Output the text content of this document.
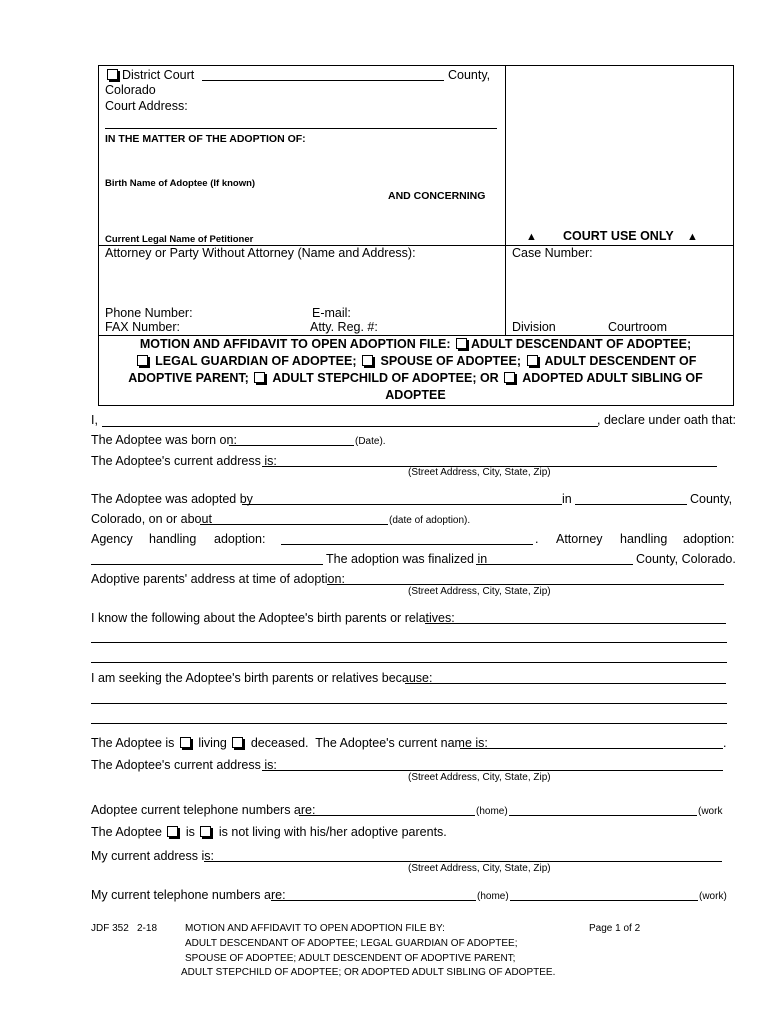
District Court	County,
Colorado
Court Address:
IN THE MATTER OF THE ADOPTION OF:
Birth Name of Adoptee (If known)
AND CONCERNING
Current Legal Name of Petitioner	▲ COURT USE ONLY ▲
Attorney or Party Without Attorney (Name and Address):	Case Number:
Phone Number:	E-mail:
FAX Number:	Atty. Reg. #:	Division	Courtroom
MOTION AND AFFIDAVIT TO OPEN ADOPTION FILE: ADULT DESCENDANT OF ADOPTEE;
LEGAL GUARDIAN OF ADOPTEE; SPOUSE OF ADOPTEE; ADULT DESCENDENT OF
ADOPTIVE PARENT; ADULT STEPCHILD OF ADOPTEE; OR ADOPTED ADULT SIBLING OF
ADOPTEE
I,	, declare under oath that:
The Adoptee was born on:	(Date).
The Adoptee's current address is:
(Street Address, City, State, Zip)
The Adoptee was adopted by	in	County,
Colorado, on or about	(date of adoption).
Agency handling adoption:	. Attorney handling adoption:
The adoption was finalized in	County, Colorado.
Adoptive parents' address at time of adoption:
(Street Address, City, State, Zip)
I know the following about the Adoptee's birth parents or relatives:
I am seeking the Adoptee's birth parents or relatives because:
The Adoptee is living deceased. The Adoptee's current name is:	.
The Adoptee's current address is:
(Street Address, City, State, Zip)
Adoptee current telephone numbers are:	(home)	(work
The Adoptee is is not living with his/her adoptive parents.
My current address is:
(Street Address, City, State, Zip)
My current telephone numbers are:	(home)	(work)
JDF 352 2-18	MOTION AND AFFIDAVIT TO OPEN ADOPTION FILE BY:	Page 1 of 2
ADULT DESCENDANT OF ADOPTEE; LEGAL GUARDIAN OF ADOPTEE;
SPOUSE OF ADOPTEE; ADULT DESCENDENT OF ADOPTIVE PARENT;
ADULT STEPCHILD OF ADOPTEE; OR ADOPTED ADULT SIBLING OF ADOPTEE.
